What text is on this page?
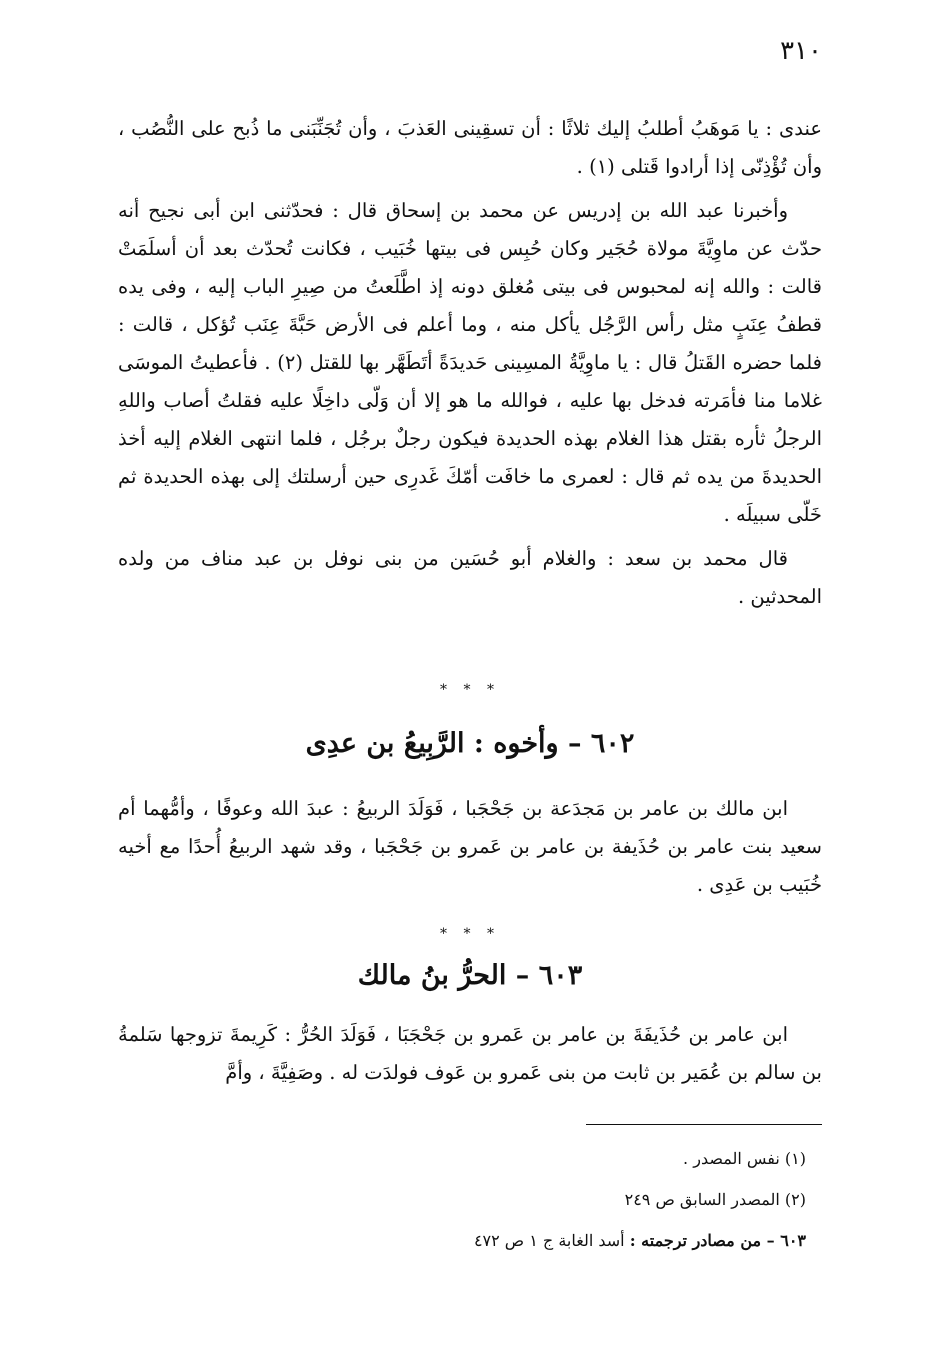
٣١٠

عندى : يا مَوهَبُ أطلبُ إليك ثلاثًا : أن تسقِينى العَذبَ ، وأن تُجَنِّبَنى ما ذُبح على النُّصُب ، وأن تُؤْذِنّى إذا أرادوا قَتلى (١) .

وأخبرنا عبد الله بن إدريس عن محمد بن إسحاق قال : فحدّثنى ابن أبى نجيح أنه حدّث عن ماوِيَّةَ مولاة حُجَير وكان حُبِس فى بيتها خُبَيب ، فكانت تُحدّث بعد أن أسلَمَتْ قالت : والله إنه لمحبوس فى بيتى مُغلق دونه إذ اطَّلَعتُ من صِيرِ الباب إليه ، وفى يده قطفُ عِنَبٍ مثل رأس الرَّجُل يأكل منه ، وما أعلم فى الأرض حَبَّةَ عِنَب تُؤكل ، قالت : فلما حضره القَتلُ قال : يا ماوِيَّةُ المسِينى حَديدَةً أتَطَهَّر بها للقتل (٢) . فأعطيتُ الموسَى غلاما منا فأمَرته فدخل بها عليه ، فوالله ما هو إلا أن وَلّى داخِلًا عليه فقلتُ أصاب واللهِ الرجلُ ثأره بقتل هذا الغلام بهذه الحديدة فيكون رجلٌ برجُل ، فلما انتهى الغلام إليه أخذ الحديدةَ من يده ثم قال : لعمرى ما خافَت أمّكَ غَدرِى حين أرسلتك إلى بهذه الحديدة ثم خَلّى سبيلَه .

قال محمد بن سعد : والغلام أبو حُسَين من بنى نوفل بن عبد مناف من ولده المحدثين .

* * *
٦٠٢ – وأخوه : الرَّبِيعُ بن عدِى

ابن مالك بن عامر بن مَجدَعة بن جَحْجَبا ، فَوَلَدَ الربيعُ : عبدَ الله وعوفًا ، وأمُّهما أم سعيد بنت عامر بن حُذَيفة بن عامر بن عَمرو بن جَحْجَبا ، وقد شهد الربيعُ أُحدًا مع أخيه خُبَيب بن عَدِى .

* * *
٦٠٣ – الحرُّ بنُ مالك

ابن عامر بن حُذَيفَةَ بن عامر بن عَمرو بن جَحْجَبَا ، فَوَلَدَ الحُرُّ : كَرِيمةَ تزوجها سَلمةُ بن سالم بن عُمَير بن ثابت من بنى عَمرو بن عَوف فولدَت له . وصَفِيَّةَ ، وأمَّ

(١) نفس المصدر .

(٢) المصدر السابق ص ٢٤٩

٦٠٣ – من مصادر ترجمته : أسد الغابة ج ١ ص ٤٧٢
